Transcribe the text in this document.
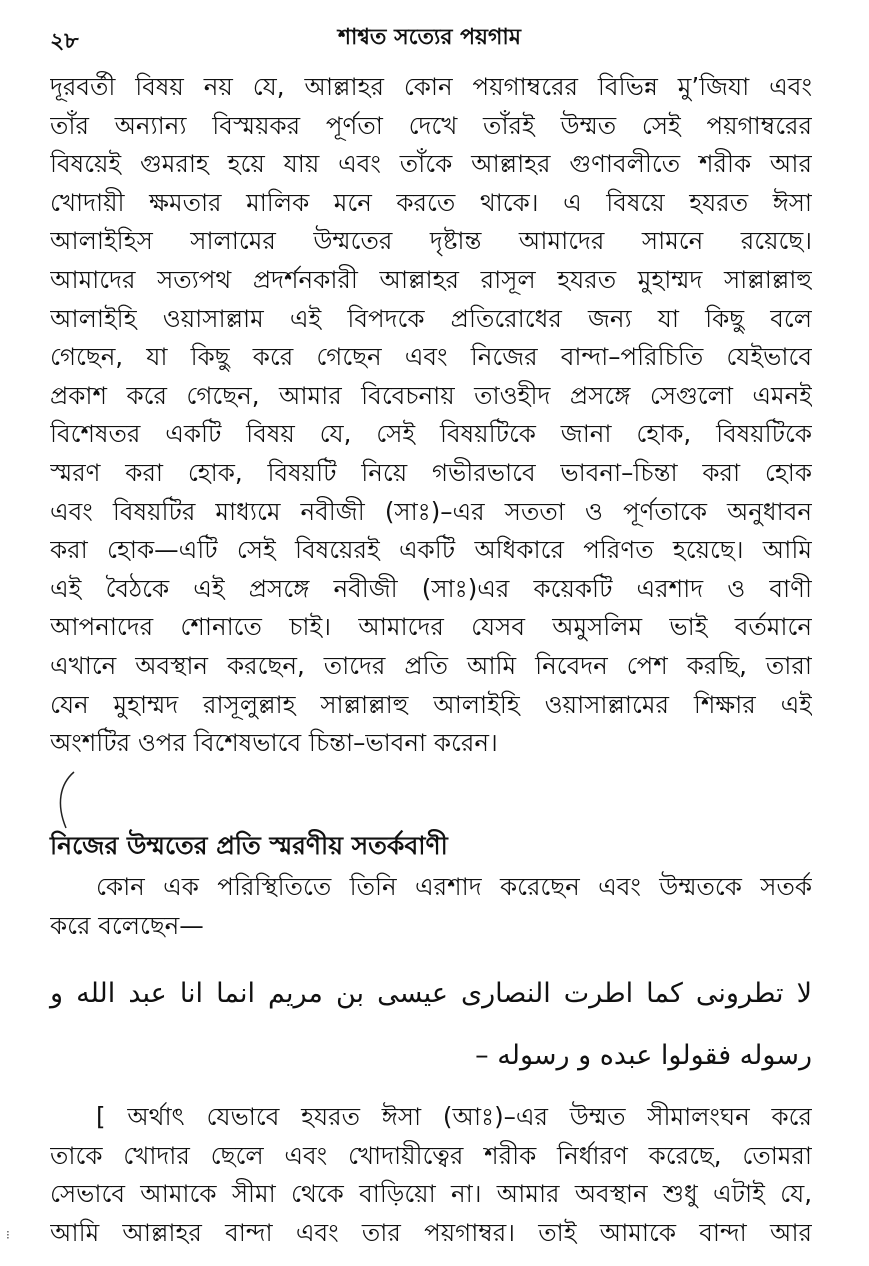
২৮	শাশ্বত সত্যের পয়গাম
দূরবর্তী বিষয় নয় যে, আল্লাহর কোন পয়গাম্বরের বিভিন্ন মু’জিযা এবং
তাঁর অন্যান্য বিস্ময়কর পূর্ণতা দেখে তাঁরই উম্মত সেই পয়গাম্বরের
বিষয়েই গুমরাহ হয়ে যায় এবং তাঁকে আল্লাহর গুণাবলীতে শরীক আর
খোদায়ী ক্ষমতার মালিক মনে করতে থাকে। এ বিষয়ে হযরত ঈসা
আলাইহিস সালামের উম্মতের দৃষ্টান্ত আমাদের সামনে রয়েছে।
আমাদের সত্যপথ প্রদর্শনকারী আল্লাহর রাসূল হযরত মুহাম্মদ সাল্লাল্লাহু
আলাইহি ওয়াসাল্লাম এই বিপদকে প্রতিরোধের জন্য যা কিছু বলে
গেছেন, যা কিছু করে গেছেন এবং নিজের বান্দা–পরিচিতি যেইভাবে
প্রকাশ করে গেছেন, আমার বিবেচনায় তাওহীদ প্রসঙ্গে সেগুলো এমনই
বিশেষতর একটি বিষয় যে, সেই বিষয়টিকে জানা হোক, বিষয়টিকে
স্মরণ করা হোক, বিষয়টি নিয়ে গভীরভাবে ভাবনা–চিন্তা করা হোক
এবং বিষয়টির মাধ্যমে নবীজী (সাঃ)–এর সততা ও পূর্ণতাকে অনুধাবন
করা হোক—এটি সেই বিষয়েরই একটি অধিকারে পরিণত হয়েছে। আমি
এই বৈঠকে এই প্রসঙ্গে নবীজী (সাঃ)এর কয়েকটি এরশাদ ও বাণী
আপনাদের শোনাতে চাই। আমাদের যেসব অমুসলিম ভাই বর্তমানে
এখানে অবস্থান করছেন, তাদের প্রতি আমি নিবেদন পেশ করছি, তারা
যেন মুহাম্মদ রাসূলুল্লাহ সাল্লাল্লাহু আলাইহি ওয়াসাল্লামের শিক্ষার এই
অংশটির ওপর বিশেষভাবে চিন্তা–ভাবনা করেন।
নিজের উম্মতের প্রতি স্মরণীয় সতর্কবাণী
কোন এক পরিস্থিতিতে তিনি এরশাদ করেছেন এবং উম্মতকে সতর্ক
করে বলেছেন—
لا تطرونی کما اطرت النصاری عیسی بن مریم انما انا عبد الله و
رسوله فقولوا عبده و رسوله –
[ অর্থাৎ যেভাবে হযরত ঈসা (আঃ)–এর উম্মত সীমালংঘন করে
তাকে খোদার ছেলে এবং খোদায়ীত্বের শরীক নির্ধারণ করেছে, তোমরা
সেভাবে আমাকে সীমা থেকে বাড়িয়ো না। আমার অবস্থান শুধু এটাই যে,
আমি আল্লাহর বান্দা এবং তার পয়গাম্বর। তাই আমাকে বান্দা আর
⁝
